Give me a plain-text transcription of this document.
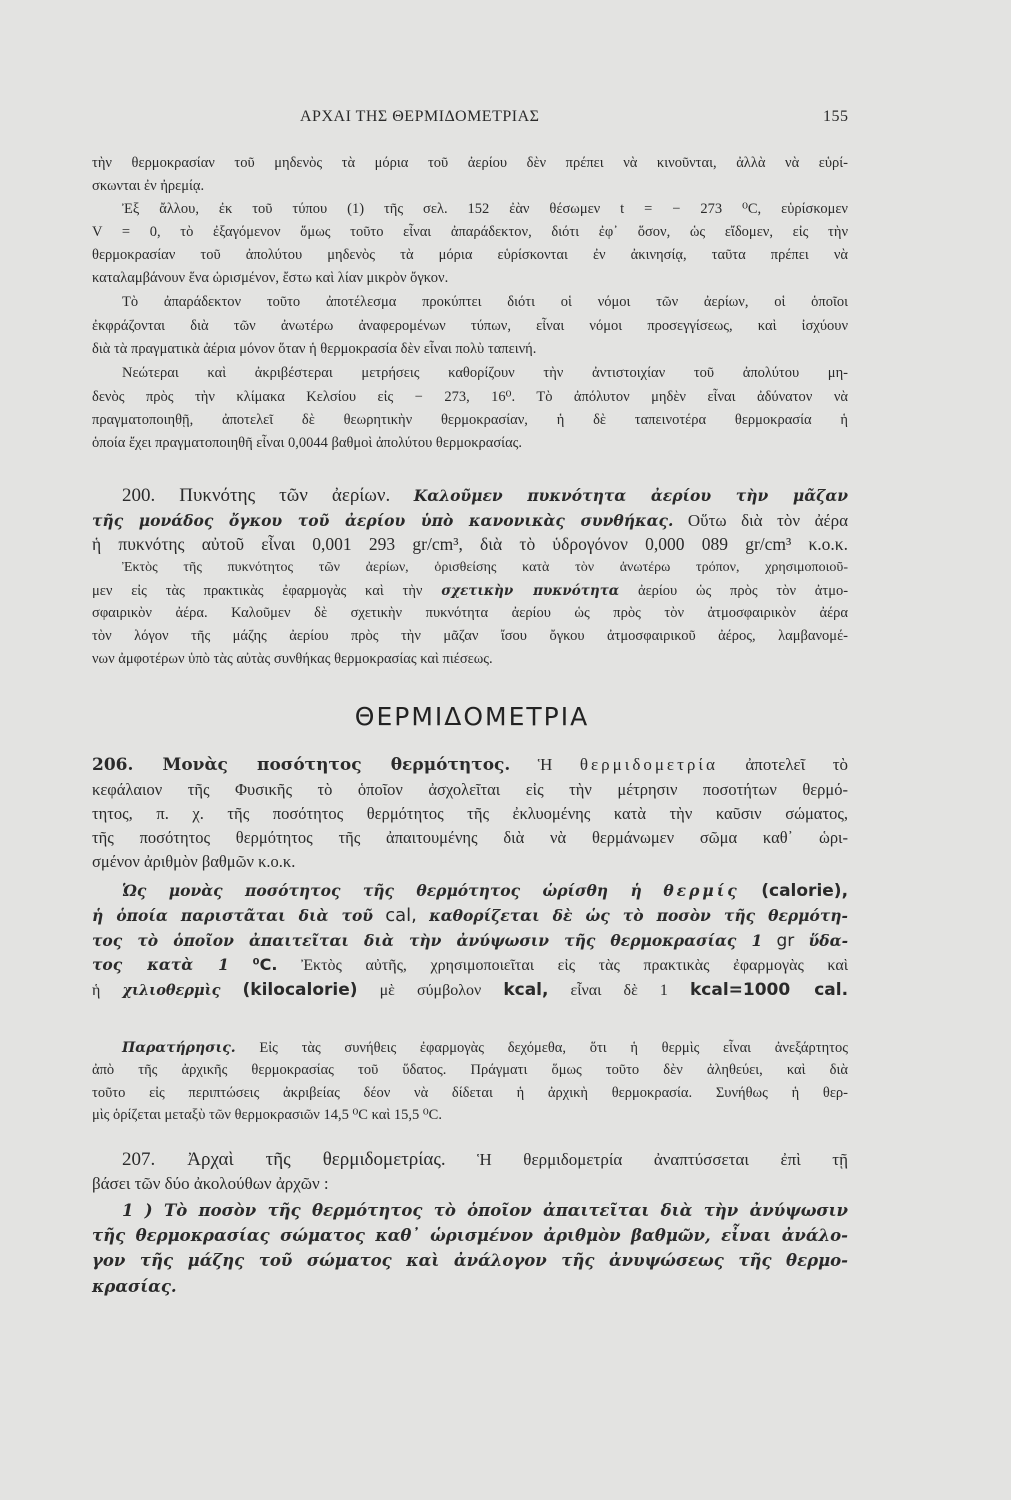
ΑΡΧΑΙ ΤΗΣ ΘΕΡΜΙΔΟΜΕΤΡΙΑΣ	155
τὴν θερμοκρασίαν τοῦ μηδενὸς τὰ μόρια τοῦ ἀερίου δὲν πρέπει νὰ κινοῦνται, ἀλλὰ νὰ εὑρί-
σκωνται ἐν ἠρεμίᾳ.
Ἐξ ἄλλου, ἐκ τοῦ τύπου (1) τῆς σελ. 152 ἐὰν θέσωμεν t = − 273 ⁰C, εὑρίσκομεν
V = 0, τὸ ἐξαγόμενον ὅμως τοῦτο εἶναι ἀπαράδεκτον, διότι ἐφ᾽ ὅσον, ὡς εἴδομεν, εἰς τὴν
θερμοκρασίαν τοῦ ἀπολύτου μηδενὸς τὰ μόρια εὑρίσκονται ἐν ἀκινησίᾳ, ταῦτα πρέπει νὰ
καταλαμβάνουν ἕνα ὡρισμένον, ἔστω καὶ λίαν μικρὸν ὄγκον.
Τὸ ἀπαράδεκτον τοῦτο ἀποτέλεσμα προκύπτει διότι οἱ νόμοι τῶν ἀερίων, οἱ ὁποῖοι
ἐκφράζονται διὰ τῶν ἀνωτέρω ἀναφερομένων τύπων, εἶναι νόμοι προσεγγίσεως, καὶ ἰσχύουν
διὰ τὰ πραγματικὰ ἀέρια μόνον ὅταν ἡ θερμοκρασία δὲν εἶναι πολὺ ταπεινή.
Νεώτεραι καὶ ἀκριβέστεραι μετρήσεις καθορίζουν τὴν ἀντιστοιχίαν τοῦ ἀπολύτου μη-
δενὸς πρὸς τὴν κλίμακα Κελσίου εἰς − 273, 16⁰. Τὸ ἀπόλυτον μηδὲν εἶναι ἀδύνατον νὰ
πραγματοποιηθῇ, ἀποτελεῖ δὲ θεωρητικὴν θερμοκρασίαν, ἡ δὲ ταπεινοτέρα θερμοκρασία ἡ
ὁποία ἔχει πραγματοποιηθῆ εἶναι 0,0044 βαθμοὶ ἀπολύτου θερμοκρασίας.
200. Πυκνότης τῶν ἀερίων. Καλοῦμεν πυκνότητα ἀερίου τὴν μᾶζαν
τῆς μονάδος ὄγκου τοῦ ἀερίου ὑπὸ κανονικὰς συνθήκας. Οὕτω διὰ τὸν ἀέρα
ἡ πυκνότης αὐτοῦ εἶναι 0,001 293 gr/cm³, διὰ τὸ ὑδρογόνον 0,000 089 gr/cm³ κ.ο.κ.
Ἐκτὸς τῆς πυκνότητος τῶν ἀερίων, ὁρισθείσης κατὰ τὸν ἀνωτέρω τρόπον, χρησιμοποιοῦ-
μεν εἰς τὰς πρακτικὰς ἐφαρμογὰς καὶ τὴν σχετικὴν πυκνότητα ἀερίου ὡς πρὸς τὸν ἀτμο-
σφαιρικὸν ἀέρα. Καλοῦμεν δὲ σχετικὴν πυκνότητα ἀερίου ὡς πρὸς τὸν ἀτμοσφαιρικὸν ἀέρα
τὸν λόγον τῆς μάζης ἀερίου πρὸς τὴν μᾶζαν ἴσου ὄγκου ἀτμοσφαιρικοῦ ἀέρος, λαμβανομέ-
νων ἀμφοτέρων ὑπὸ τὰς αὐτὰς συνθήκας θερμοκρασίας καὶ πιέσεως.
ΘΕΡΜΙΔΟΜΕΤΡΙΑ
206. Μονὰς ποσότητος θερμότητος. Ἡ θερμιδομετρία ἀποτελεῖ τὸ
κεφάλαιον τῆς Φυσικῆς τὸ ὁποῖον ἀσχολεῖται εἰς τὴν μέτρησιν ποσοτήτων θερμό-
τητος, π. χ. τῆς ποσότητος θερμότητος τῆς ἐκλυομένης κατὰ τὴν καῦσιν σώματος,
τῆς ποσότητος θερμότητος τῆς ἀπαιτουμένης διὰ νὰ θερμάνωμεν σῶμα καθ᾽ ὡρι-
σμένον ἀριθμὸν βαθμῶν κ.ο.κ.
Ὡς μονὰς ποσότητος τῆς θερμότητος ὡρίσθη ἡ θερμίς (calorie),
ἡ ὁποία παριστᾶται διὰ τοῦ cal, καθορίζεται δὲ ὡς τὸ ποσὸν τῆς θερμότη-
τος τὸ ὁποῖον ἀπαιτεῖται διὰ τὴν ἀνύψωσιν τῆς θερμοκρασίας 1 gr ὕδα-
τος κατὰ 1 ⁰C. Ἐκτὸς αὐτῆς, χρησιμοποιεῖται εἰς τὰς πρακτικὰς ἐφαρμογὰς καὶ
ἡ χιλιοθερμὶς (kilocalorie) μὲ σύμβολον kcal, εἶναι δὲ 1 kcal=1000 cal.
Παρατήρησις. Εἰς τὰς συνήθεις ἐφαρμογὰς δεχόμεθα, ὅτι ἡ θερμὶς εἶναι ἀνεξάρτητος
ἀπὸ τῆς ἀρχικῆς θερμοκρασίας τοῦ ὕδατος. Πράγματι ὅμως τοῦτο δὲν ἀληθεύει, καὶ διὰ
τοῦτο εἰς περιπτώσεις ἀκριβείας δέον νὰ δίδεται ἡ ἀρχικὴ θερμοκρασία. Συνήθως ἡ θερ-
μὶς ὁρίζεται μεταξὺ τῶν θερμοκρασιῶν 14,5 ⁰C καὶ 15,5 ⁰C.
207. Ἀρχαὶ τῆς θερμιδομετρίας. Ἡ θερμιδομετρία ἀναπτύσσεται ἐπὶ τῇ
βάσει τῶν δύο ἀκολούθων ἀρχῶν :
1 ) Τὸ ποσὸν τῆς θερμότητος τὸ ὁποῖον ἀπαιτεῖται διὰ τὴν ἀνύψωσιν
τῆς θερμοκρασίας σώματος καθ᾽ ὡρισμένον ἀριθμὸν βαθμῶν, εἶναι ἀνάλο-
γον τῆς μάζης τοῦ σώματος καὶ ἀνάλογον τῆς ἀνυψώσεως τῆς θερμο-
κρασίας.
